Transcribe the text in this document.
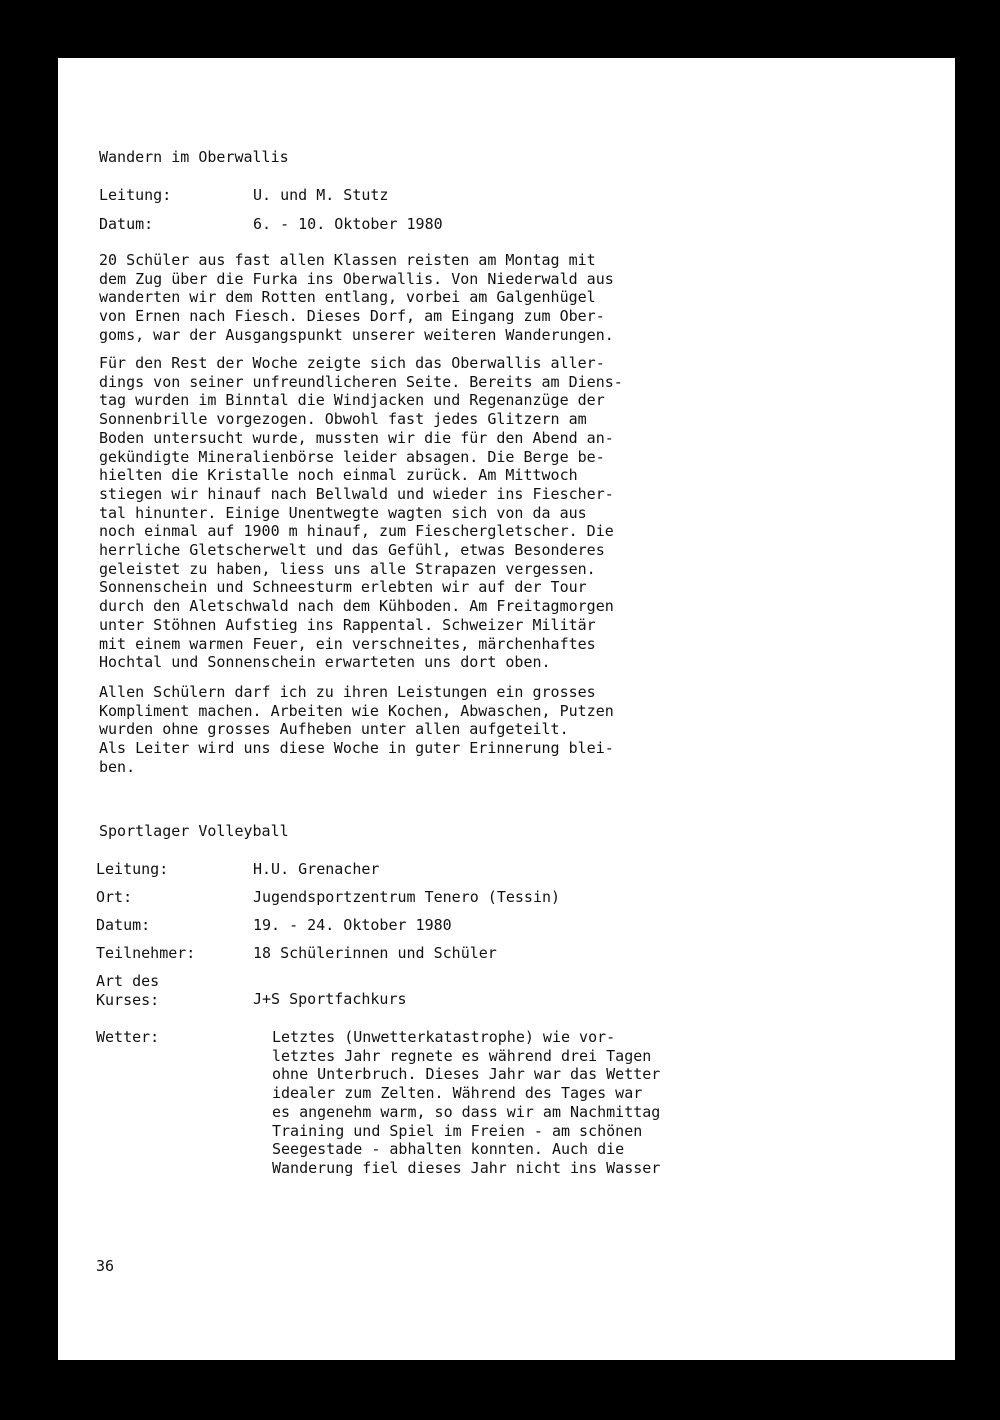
Wandern im Oberwallis
Leitung:	U. und M. Stutz
Datum:	6. - 10. Oktober 1980
20 Schüler aus fast allen Klassen reisten am Montag mit
dem Zug über die Furka ins Oberwallis. Von Niederwald aus
wanderten wir dem Rotten entlang, vorbei am Galgenhügel
von Ernen nach Fiesch. Dieses Dorf, am Eingang zum Ober-
goms, war der Ausgangspunkt unserer weiteren Wanderungen.
Für den Rest der Woche zeigte sich das Oberwallis aller-
dings von seiner unfreundlicheren Seite. Bereits am Diens-
tag wurden im Binntal die Windjacken und Regenanzüge der
Sonnenbrille vorgezogen. Obwohl fast jedes Glitzern am
Boden untersucht wurde, mussten wir die für den Abend an-
gekündigte Mineralienbörse leider absagen. Die Berge be-
hielten die Kristalle noch einmal zurück. Am Mittwoch
stiegen wir hinauf nach Bellwald und wieder ins Fiescher-
tal hinunter. Einige Unentwegte wagten sich von da aus
noch einmal auf 1900 m hinauf, zum Fieschergletscher. Die
herrliche Gletscherwelt und das Gefühl, etwas Besonderes
geleistet zu haben, liess uns alle Strapazen vergessen.
Sonnenschein und Schneesturm erlebten wir auf der Tour
durch den Aletschwald nach dem Kühboden. Am Freitagmorgen
unter Stöhnen Aufstieg ins Rappental. Schweizer Militär
mit einem warmen Feuer, ein verschneites, märchenhaftes
Hochtal und Sonnenschein erwarteten uns dort oben.
Allen Schülern darf ich zu ihren Leistungen ein grosses
Kompliment machen. Arbeiten wie Kochen, Abwaschen, Putzen
wurden ohne grosses Aufheben unter allen aufgeteilt.
Als Leiter wird uns diese Woche in guter Erinnerung blei-
ben.
Sportlager Volleyball
Leitung:	H.U. Grenacher
Ort:	Jugendsportzentrum Tenero (Tessin)
Datum:	19. - 24. Oktober 1980
Teilnehmer:	18 Schülerinnen und Schüler
Art des
Kurses:	J+S Sportfachkurs
Wetter:	Letztes (Unwetterkatastrophe) wie vor-
letztes Jahr regnete es während drei Tagen
ohne Unterbruch. Dieses Jahr war das Wetter
idealer zum Zelten. Während des Tages war
es angenehm warm, so dass wir am Nachmittag
Training und Spiel im Freien - am schönen
Seegestade - abhalten konnten. Auch die
Wanderung fiel dieses Jahr nicht ins Wasser
36
